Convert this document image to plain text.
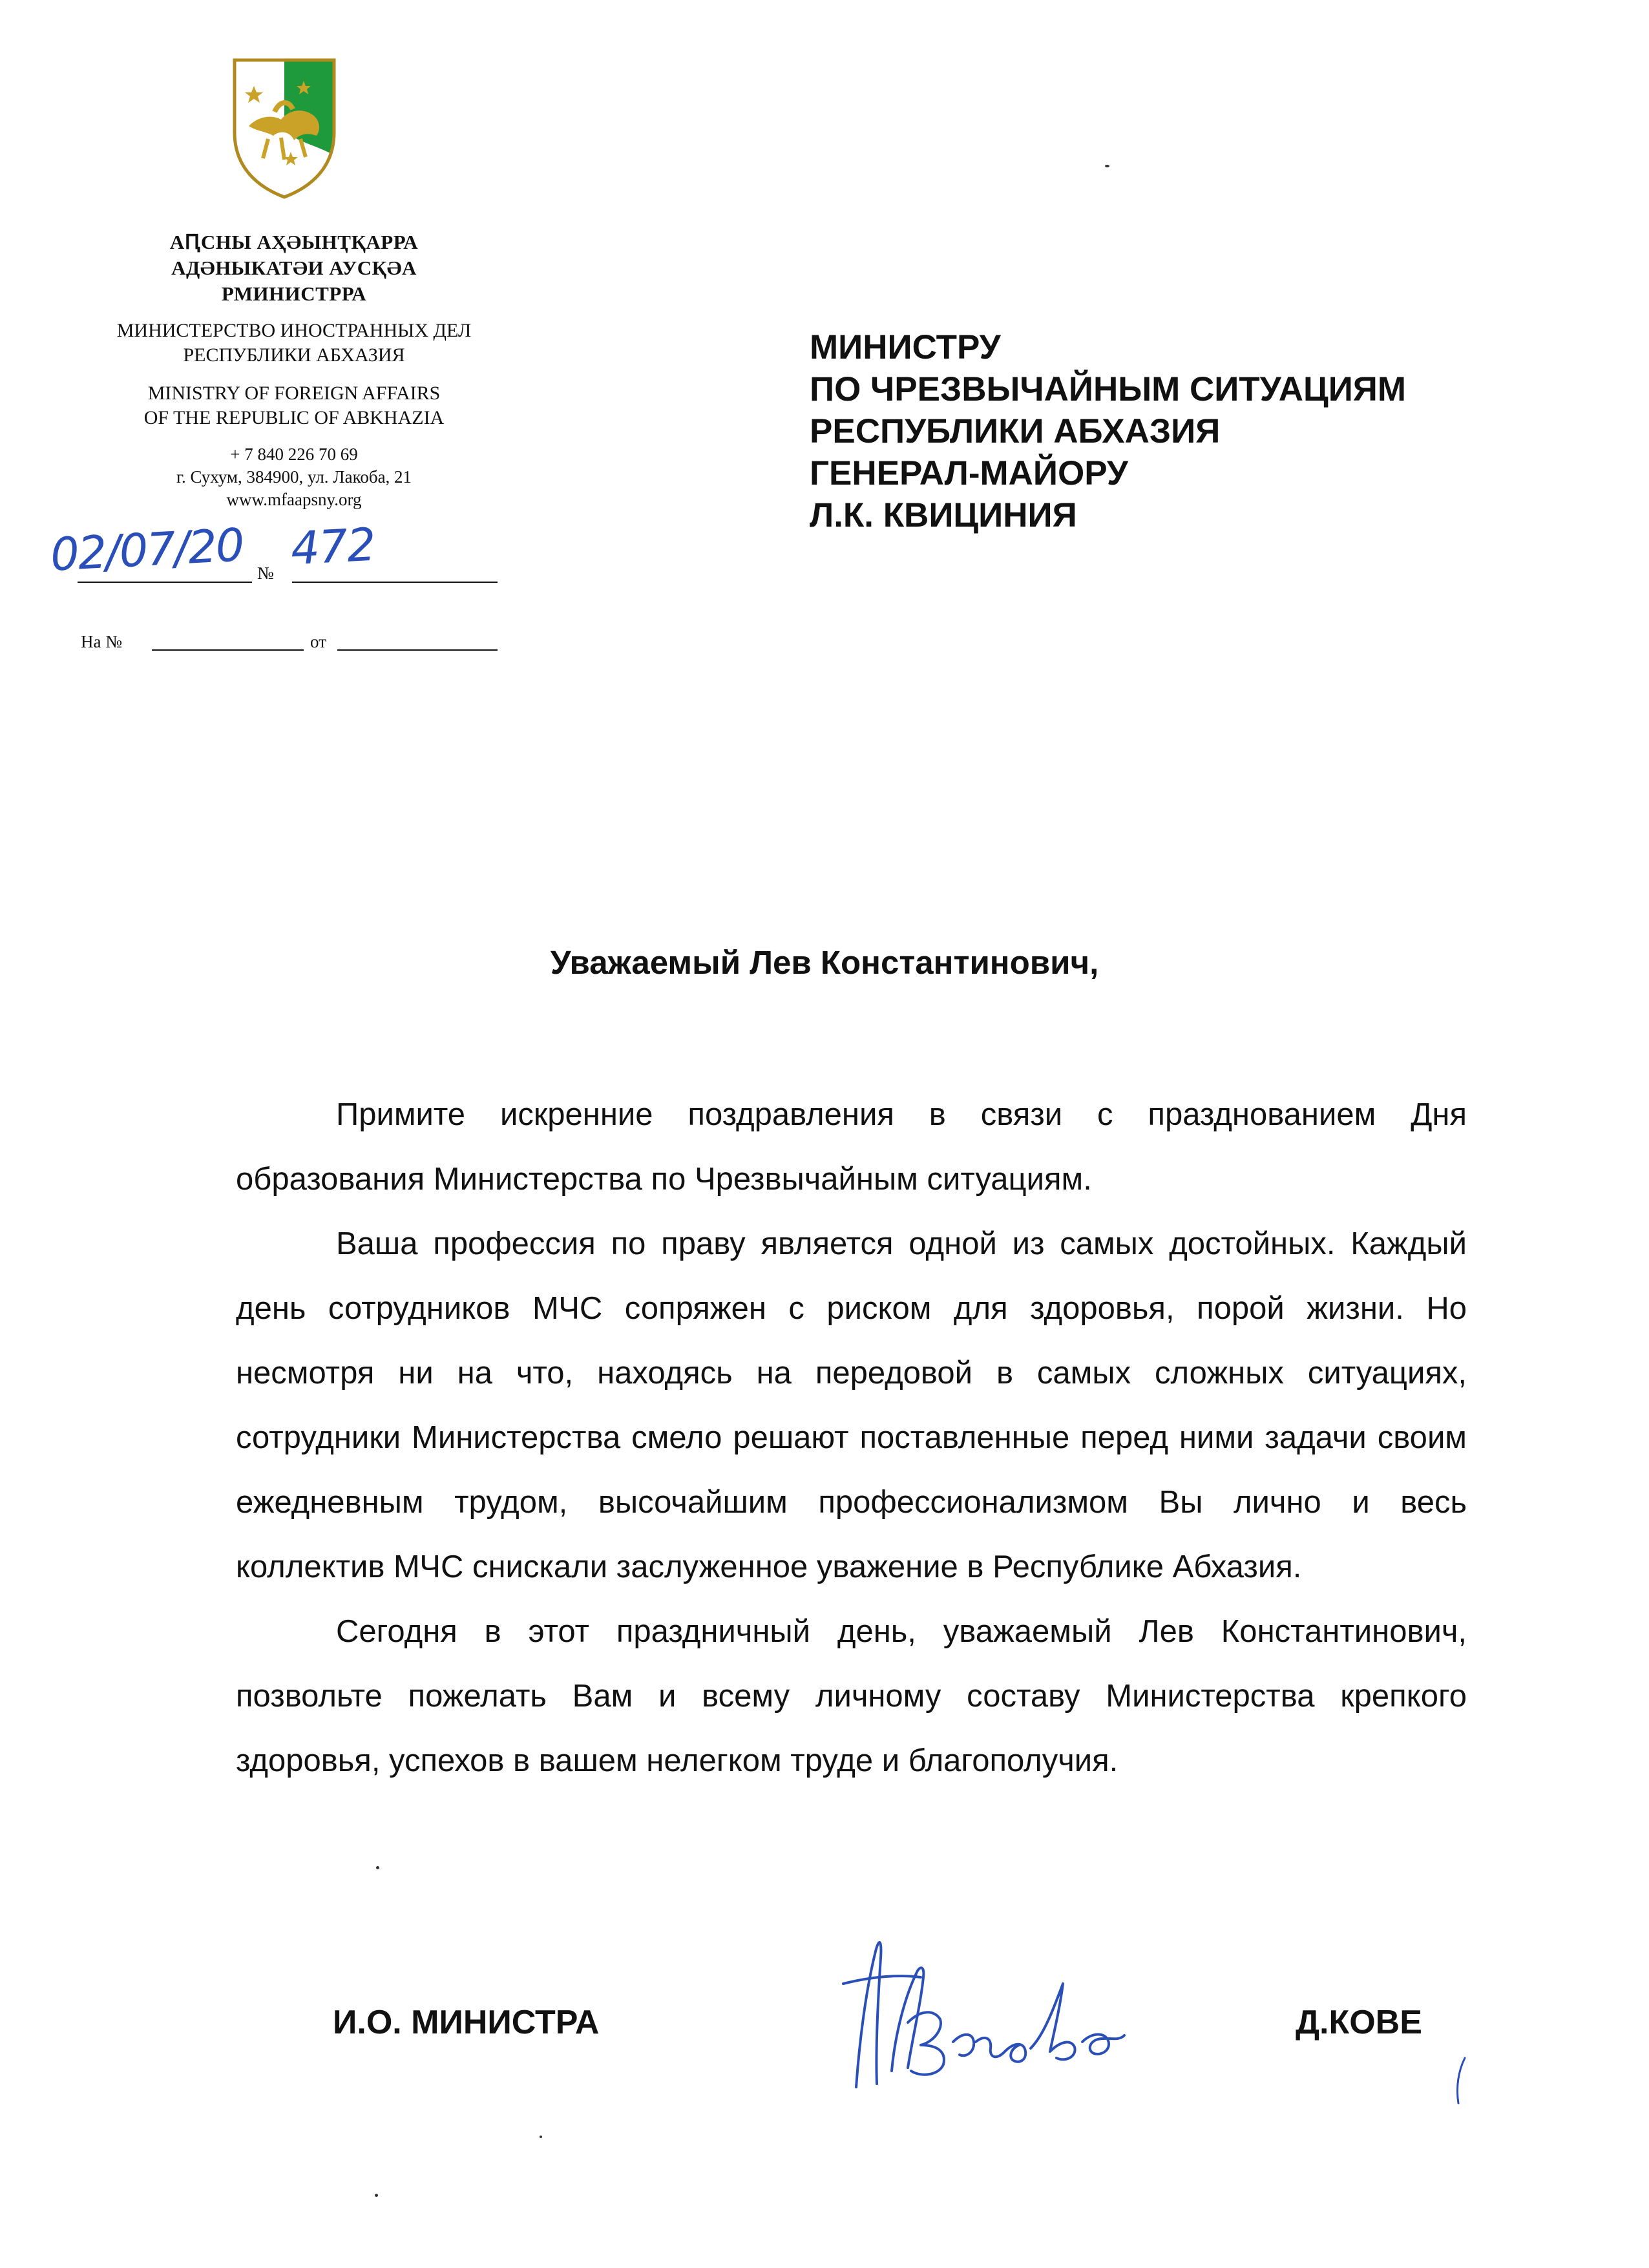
АԤСНЫ АҲӘЫНҬҚАРРА
АДӘНЫКАТӘИ АУСҚӘА
РМИНИСТРРА
МИНИСТЕРСТВО ИНОСТРАННЫХ ДЕЛ
РЕСПУБЛИКИ АБХАЗИЯ
MINISTRY OF FOREIGN AFFAIRS
OF THE REPUBLIC OF ABKHAZIA
+ 7 840 226 70 69
г. Сухум, 384900, ул. Лакоба, 21
www.mfaapsny.org
№
02/07/20 472
На №	от
МИНИСТРУ
ПО ЧРЕЗВЫЧАЙНЫМ СИТУАЦИЯМ
РЕСПУБЛИКИ АБХАЗИЯ
ГЕНЕРАЛ-МАЙОРУ
Л.К. КВИЦИНИЯ
Уважаемый Лев Константинович,

Примите искренние поздравления в связи с празднованием Дня образования Министерства по Чрезвычайным ситуациям.

Ваша профессия по праву является одной из самых достойных. Каждый день сотрудников МЧС сопряжен с риском для здоровья, порой жизни. Но несмотря ни на что, находясь на передовой в самых сложных ситуациях, сотрудники Министерства смело решают поставленные перед ними задачи своим ежедневным трудом, высочайшим профессионализмом Вы лично и весь коллектив МЧС снискали заслуженное уважение в Республике Абхазия.

Сегодня в этот праздничный день, уважаемый Лев Константинович, позвольте пожелать Вам и всему личному составу Министерства крепкого здоровья, успехов в вашем нелегком труде и благополучия.

И.О. МИНИСТРА	Д.КОВЕ
